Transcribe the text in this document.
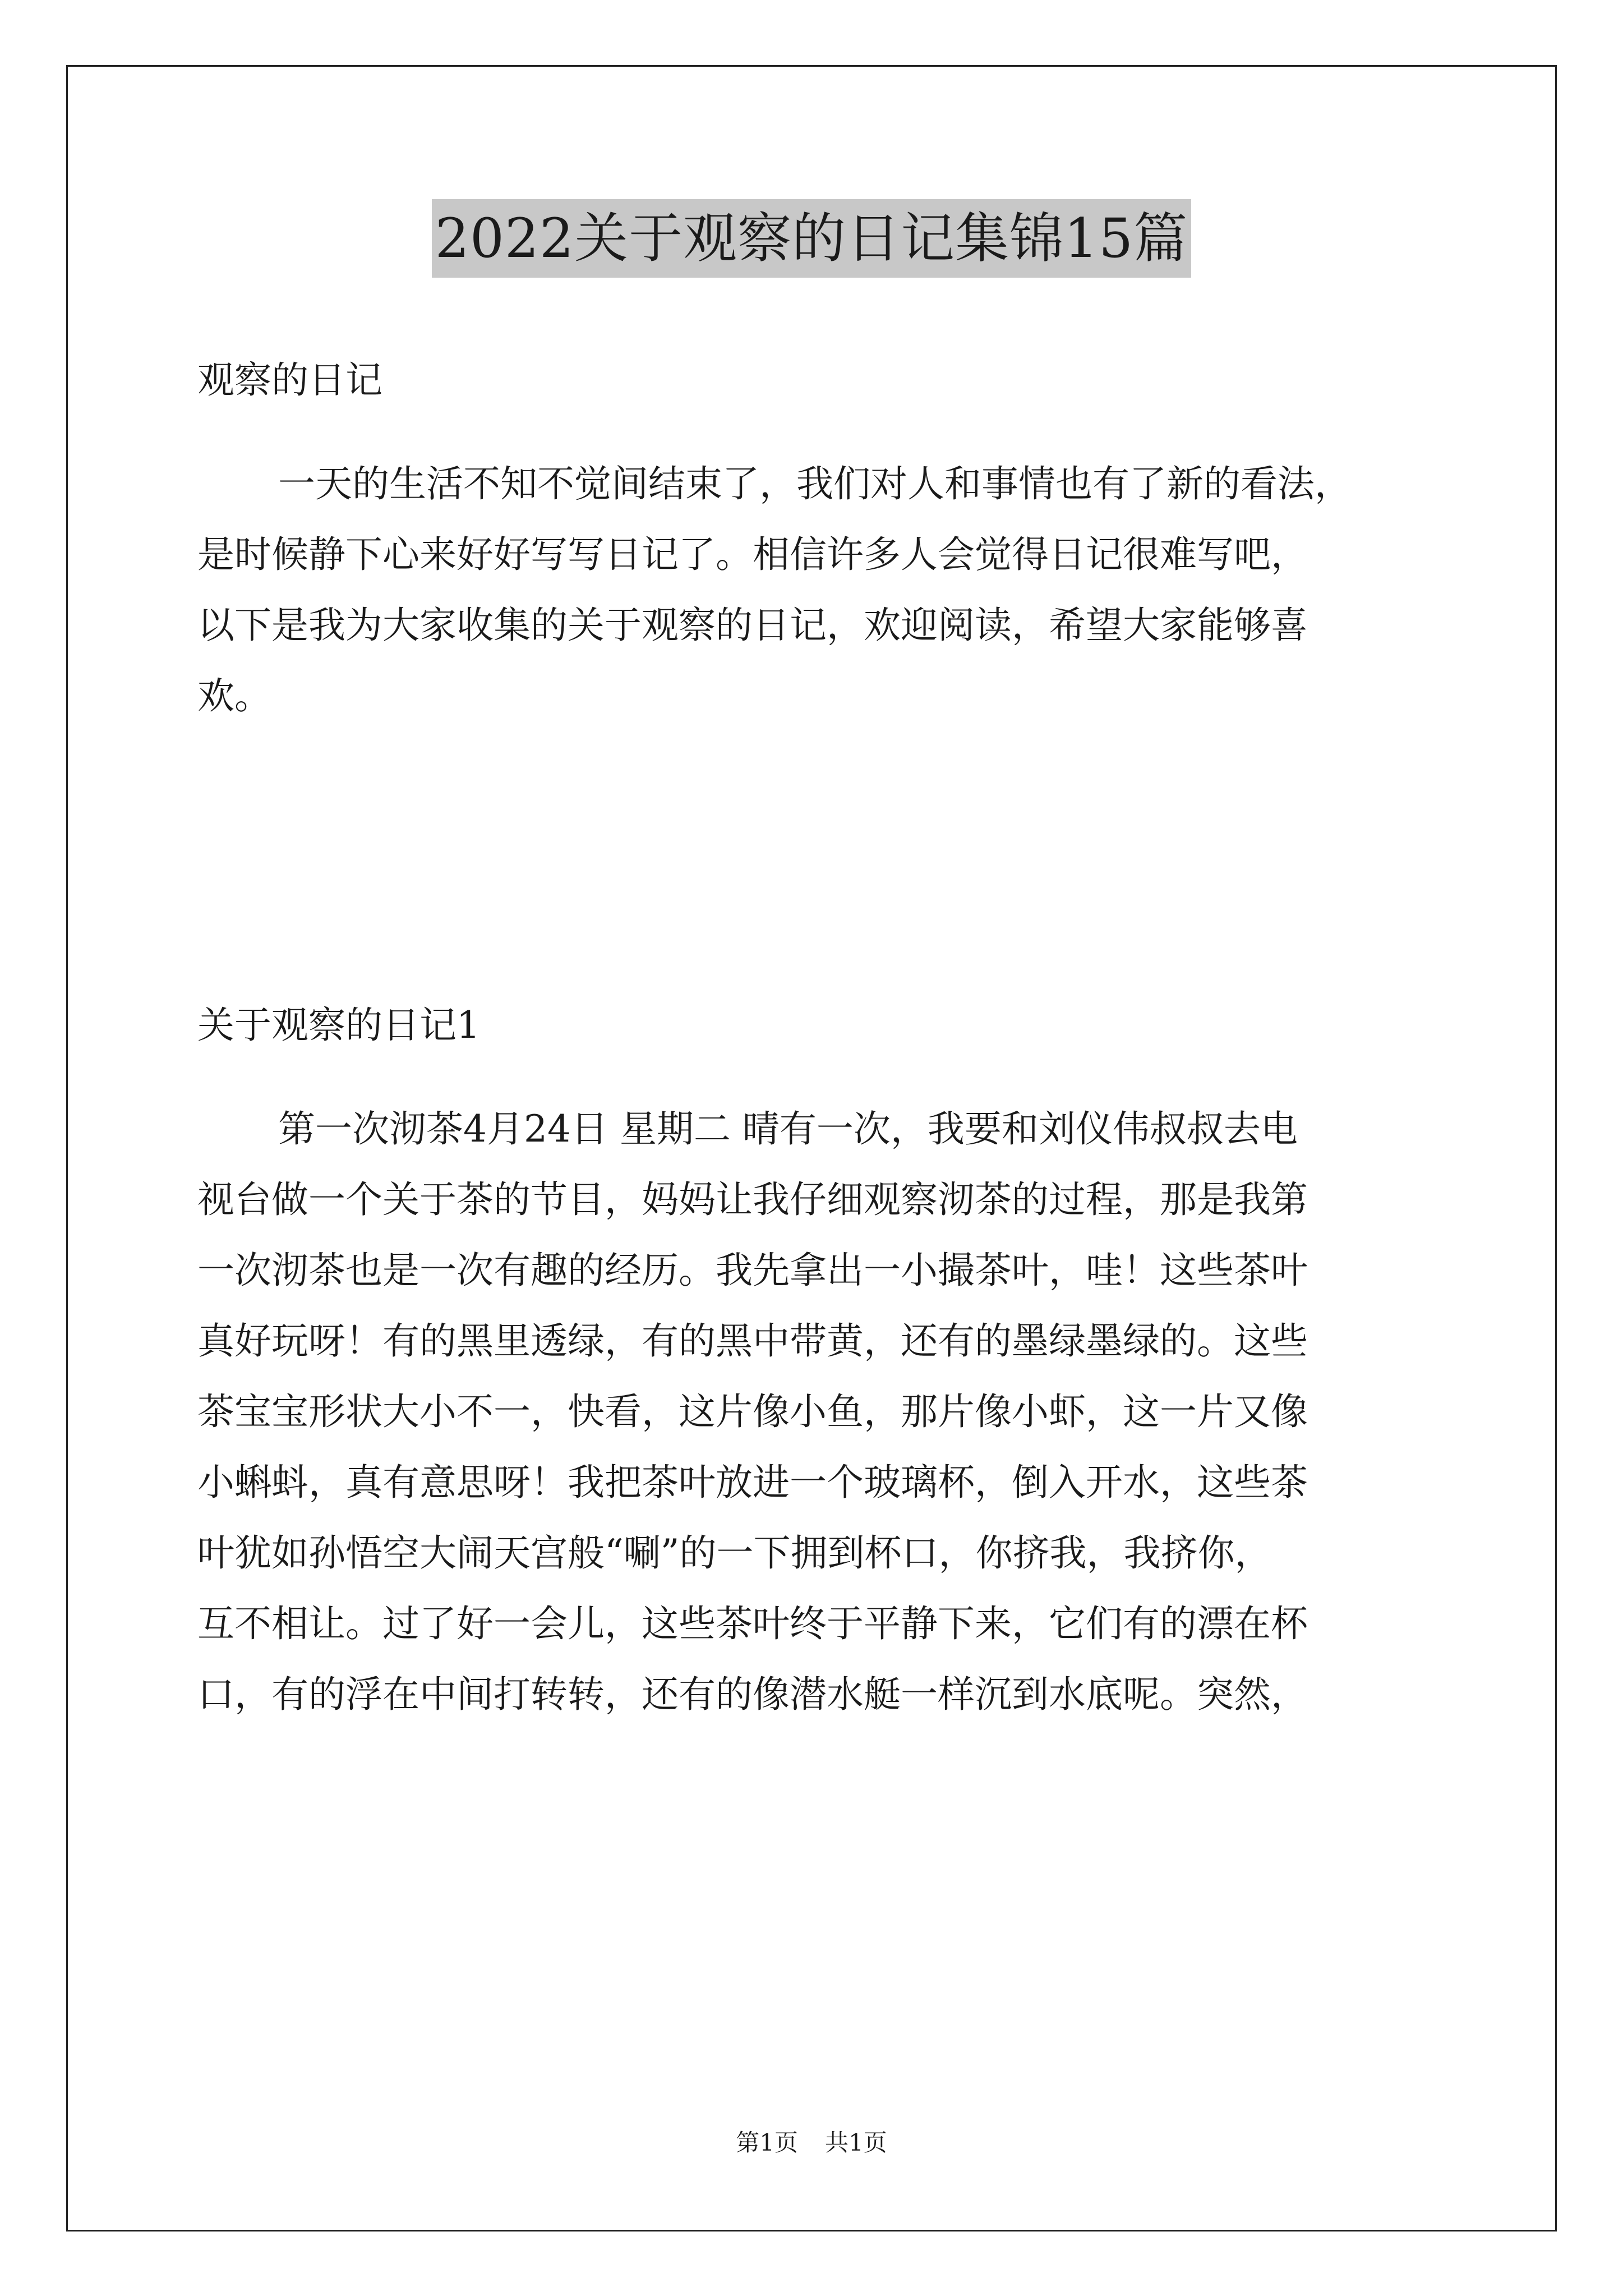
2022关于观察的日记集锦15篇
观察的日记
一天的生活不知不觉间结束了，我们对人和事情也有了新的看法，
是时候静下心来好好写写日记了。相信许多人会觉得日记很难写吧，
以下是我为大家收集的关于观察的日记，欢迎阅读，希望大家能够喜
欢。
关于观察的日记1
第一次沏茶4月24日 星期二 晴有一次，我要和刘仪伟叔叔去电
视台做一个关于茶的节目，妈妈让我仔细观察沏茶的过程，那是我第
一次沏茶也是一次有趣的经历。我先拿出一小撮茶叶，哇！这些茶叶
真好玩呀！有的黑里透绿，有的黑中带黄，还有的墨绿墨绿的。这些
茶宝宝形状大小不一，快看，这片像小鱼，那片像小虾，这一片又像
小蝌蚪，真有意思呀！我把茶叶放进一个玻璃杯，倒入开水，这些茶
叶犹如孙悟空大闹天宫般“唰”的一下拥到杯口，你挤我，我挤你，
互不相让。过了好一会儿，这些茶叶终于平静下来，它们有的漂在杯
口，有的浮在中间打转转，还有的像潜水艇一样沉到水底呢。突然，
第1页 共1页
